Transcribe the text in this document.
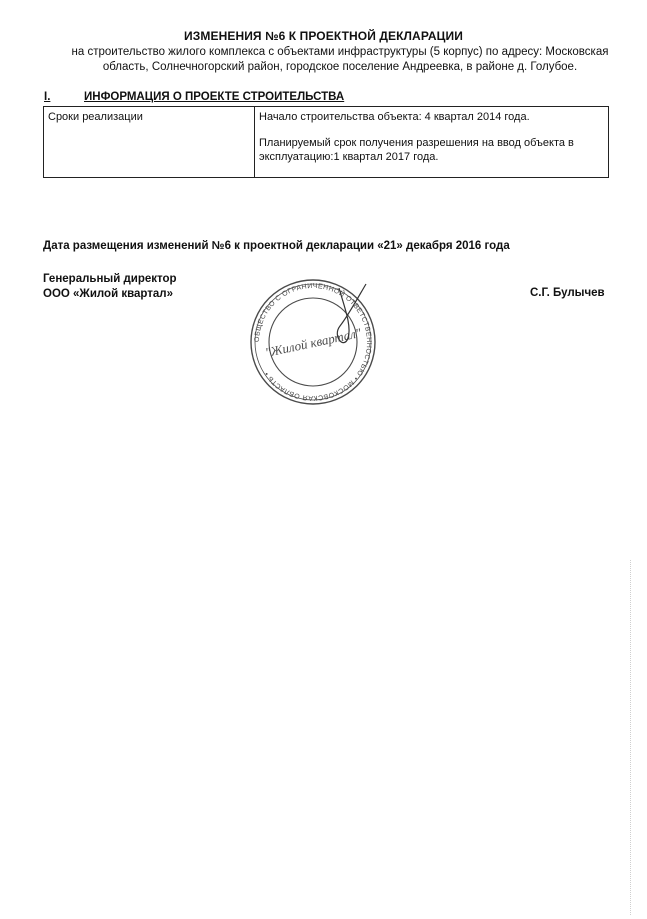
ИЗМЕНЕНИЯ №6 К ПРОЕКТНОЙ ДЕКЛАРАЦИИ
на строительство жилого комплекса с объектами инфраструктуры (5 корпус) по адресу: Московская
область, Солнечногорский район, городское поселение Андреевка, в районе д. Голубое.
I.	ИНФОРМАЦИЯ О ПРОЕКТЕ СТРОИТЕЛЬСТВА
Сроки реализации	Начало строительства объекта: 4 квартал 2014 года.
Планируемый срок получения разрешения на ввод объекта в
эксплуатацию:1 квартал 2017 года.
Дата размещения изменений №6 к проектной декларации «21» декабря 2016 года
Генеральный директор
ООО «Жилой квартал»	С.Г. Булычев
ОБЩЕСТВО С ОГРАНИЧЕННОЙ ОТВЕТСТВЕННОСТЬЮ • МОСКОВСКАЯ ОБЛАСТЬ •
"Жилой квартал"
